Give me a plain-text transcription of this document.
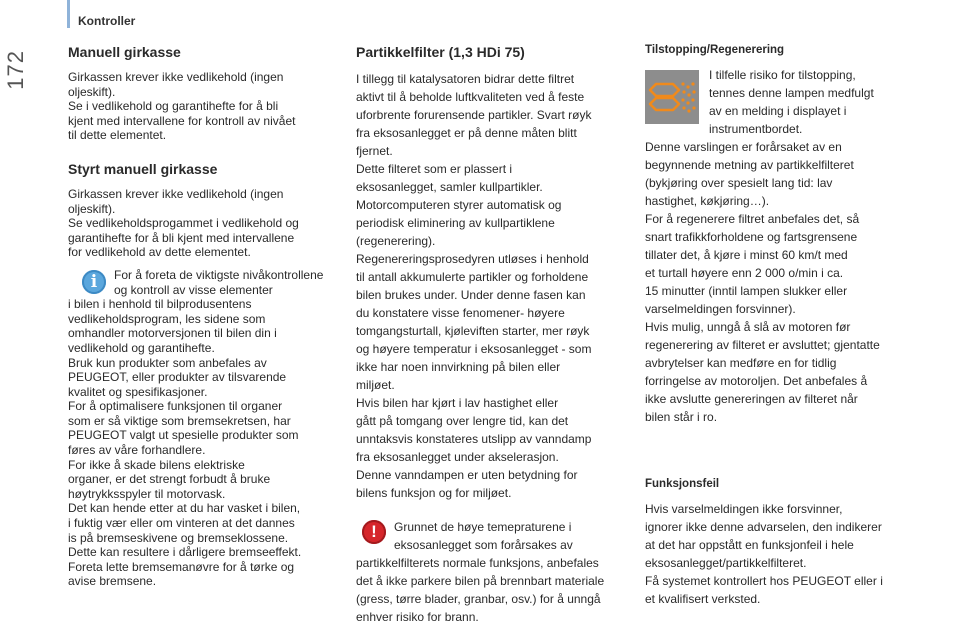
172
Kontroller
Manuell girkasse

Girkassen krever ikke vedlikehold (ingen
oljeskift).
Se i vedlikehold og garantihefte for å bli
kjent med intervallene for kontroll av nivået
til dette elementet.

Styrt manuell girkasse

Girkassen krever ikke vedlikehold (ingen
oljeskift).
Se vedlikeholdsprogammet i vedlikehold og
garantihefte for å bli kjent med intervallene
for vedlikehold av dette elementet.

i	For å foreta de viktigste nivåkontrollene
og kontroll av visse elementer
i bilen i henhold til bilprodusentens
vedlikeholdsprogram, les sidene som
omhandler motorversjonen til bilen din i
vedlikehold og garantihefte.
Bruk kun produkter som anbefales av
PEUGEOT, eller produkter av tilsvarende
kvalitet og spesifikasjoner.
For å optimalisere funksjonen til organer
som er så viktige som bremsekretsen, har
PEUGEOT valgt ut spesielle produkter som
føres av våre forhandlere.
For ikke å skade bilens elektriske
organer, er det strengt forbudt å bruke
høytrykksspyler til motorvask.
Det kan hende etter at du har vasket i bilen,
i fuktig vær eller om vinteren at det dannes
is på bremseskivene og bremseklossene.
Dette kan resultere i dårligere bremseeffekt.
Foreta lette bremsemanøvre for å tørke og
avise bremsene.

Partikkelfilter (1,3 HDi 75)

I tillegg til katalysatoren bidrar dette filtret
aktivt til å beholde luftkvaliteten ved å feste
uforbrente forurensende partikler. Svart røyk
fra eksosanlegget er på denne måten blitt
fjernet.
Dette filteret som er plassert i
eksosanlegget, samler kullpartikler.
Motorcomputeren styrer automatisk og
periodisk eliminering av kullpartiklene
(regenerering).
Regenereringsprosedyren utløses i henhold
til antall akkumulerte partikler og forholdene
bilen brukes under. Under denne fasen kan
du konstatere visse fenomener- høyere
tomgangsturtall, kjøleviften starter, mer røyk
og høyere temperatur i eksosanlegget - som
ikke har noen innvirkning på bilen eller
miljøet.
Hvis bilen har kjørt i lav hastighet eller
gått på tomgang over lengre tid, kan det
unntaksvis konstateres utslipp av vanndamp
fra eksosanlegget under akselerasjon.
Denne vanndampen er uten betydning for
bilens funksjon og for miljøet.

!	Grunnet de høye temepraturene i
eksosanlegget som forårsakes av
partikkelfilterets normale funksjons, anbefales
det å ikke parkere bilen på brennbart materiale
(gress, tørre blader, granbar, osv.) for å unngå
enhver risiko for brann.

Tilstopping/Regenerering

I tilfelle risiko for tilstopping,
tennes denne lampen medfulgt
av en melding i displayet i
instrumentbordet.

Denne varslingen er forårsaket av en
begynnende metning av partikkelfilteret
(bykjøring over spesielt lang tid: lav
hastighet, køkjøring…).
For å regenerere filtret anbefales det, så
snart trafikkforholdene og fartsgrensene
tillater det, å kjøre i minst 60 km/t med
et turtall høyere enn 2 000 o/min i ca.
15 minutter (inntil lampen slukker eller
varselmeldingen forsvinner).
Hvis mulig, unngå å slå av motoren før
regenerering av filteret er avsluttet; gjentatte
avbrytelser kan medføre en for tidlig
forringelse av motoroljen. Det anbefales å
ikke avslutte genereringen av filteret når
bilen står i ro.

Funksjonsfeil

Hvis varselmeldingen ikke forsvinner,
ignorer ikke denne advarselen, den indikerer
at det har oppstått en funksjonfeil i hele
eksosanlegget/partikkelfilteret.
Få systemet kontrollert hos PEUGEOT eller i
et kvalifisert verksted.
